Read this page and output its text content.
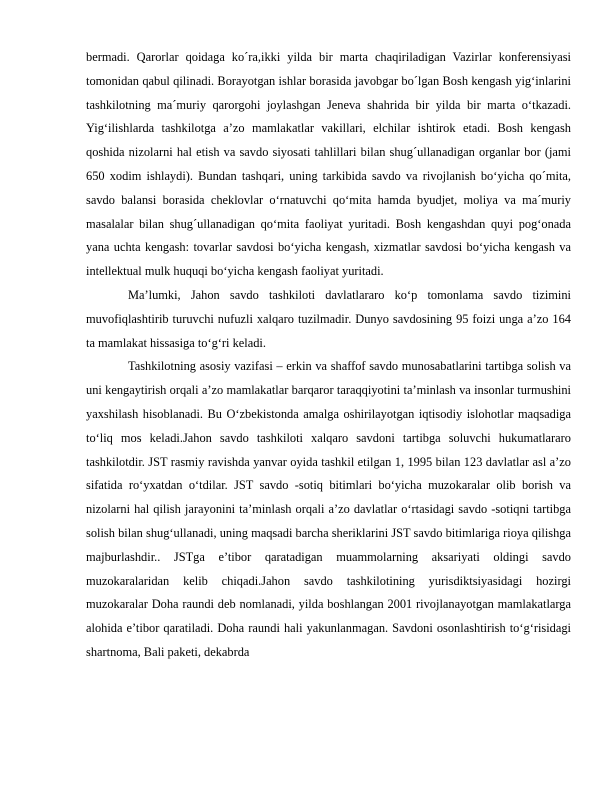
bermadi. Qarorlar qoidaga ko´ra,ikki yilda bir marta chaqiriladigan Vazirlar konferensiyasi tomonidan qabul qilinadi. Borayotgan ishlar borasida javobgar bo´lgan Bosh kengash yig‘inlarini tashkilotning ma´muriy qarorgohi joylashgan Jeneva shahrida bir yilda bir marta o‘tkazadi. Yig‘ilishlarda tashkilotga a’zo mamlakatlar vakillari, elchilar ishtirok etadi. Bosh kengash qoshida nizolarni hal etish va savdo siyosati tahlillari bilan shug´ullanadigan organlar bor (jami 650 xodim ishlaydi). Bundan tashqari, uning tarkibida savdo va rivojlanish bo‘yicha qo´mita, savdo balansi borasida cheklovlar o‘rnatuvchi qo‘mita hamda byudjet, moliya va ma´muriy masalalar bilan shug´ullanadigan qo‘mita faoliyat yuritadi. Bosh kengashdan quyi pog‘onada yana uchta kengash: tovarlar savdosi bo‘yicha kengash, xizmatlar savdosi bo‘yicha kengash va intellektual mulk huquqi bo‘yicha kengash faoliyat yuritadi.

Ma’lumki, Jahon savdo tashkiloti davlatlararo ko‘p tomonlama savdo tizimini muvofiqlashtirib turuvchi nufuzli xalqaro tuzilmadir. Dunyo savdosining 95 foizi unga a’zo 164 ta mamlakat hissasiga to‘g‘ri keladi.

Tashkilotning asosiy vazifasi – erkin va shaffof savdo munosabatlarini tartibga solish va uni kengaytirish orqali a’zo mamlakatlar barqaror taraqqiyotini ta’minlash va insonlar turmushini yaxshilash hisoblanadi. Bu O‘zbekistonda amalga oshirilayotgan iqtisodiy islohotlar maqsadiga to‘liq mos keladi.Jahon savdo tashkiloti xalqaro savdoni tartibga soluvchi hukumatlararo tashkilotdir. JST rasmiy ravishda yanvar oyida tashkil etilgan 1, 1995 bilan 123 davlatlar asl a’zo sifatida ro‘yxatdan o‘tdilar. JST savdo -sotiq bitimlari bo‘yicha muzokaralar olib borish va nizolarni hal qilish jarayonini ta’minlash orqali a’zo davlatlar o‘rtasidagi savdo -sotiqni tartibga solish bilan shug‘ullanadi, uning maqsadi barcha sheriklarini JST savdo bitimlariga rioya qilishga majburlashdir.. JSTga e’tibor qaratadigan muammolarning aksariyati oldingi savdo muzokaralaridan kelib chiqadi.Jahon savdo tashkilotining yurisdiktsiyasidagi hozirgi muzokaralar Doha raundi deb nomlanadi, yilda boshlangan 2001 rivojlanayotgan mamlakatlarga alohida e’tibor qaratiladi. Doha raundi hali yakunlanmagan. Savdoni osonlashtirish to‘g‘risidagi shartnoma, Bali paketi, dekabrda
